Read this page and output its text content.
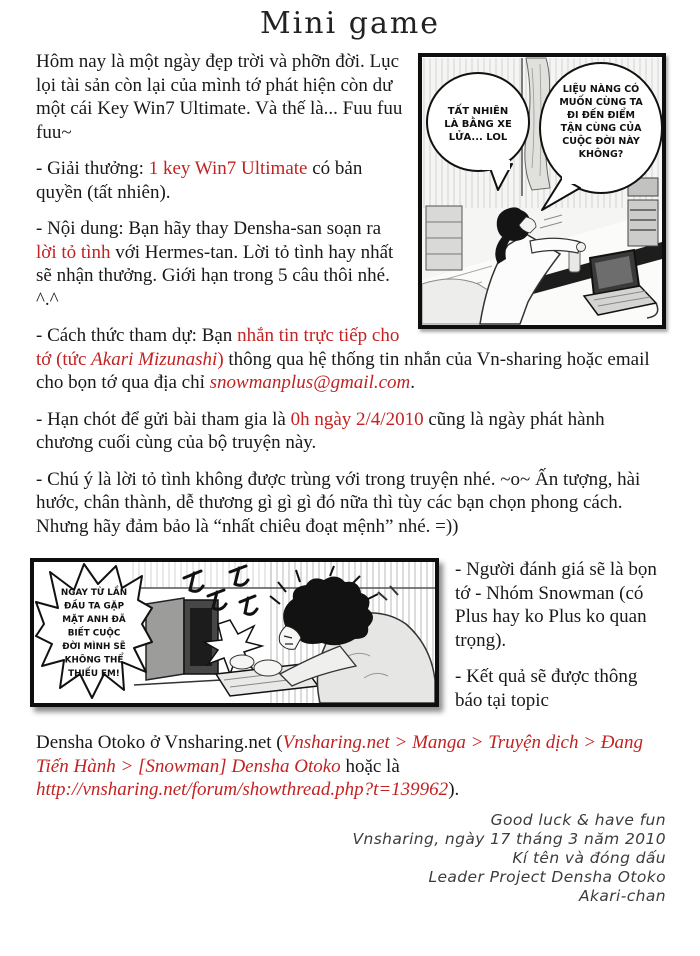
Mini game
TẤT NHIÊN
LÀ BẰNG XE
LỬA... LOL
LIỆU NÀNG CÓ
MUỐN CÙNG TA
ĐI ĐẾN ĐIỂM
TẬN CÙNG CỦA
CUỘC ĐỜI NÀY
KHÔNG?

Hôm nay là một ngày đẹp trời và phỡn đời. Lục lọi tài sản còn lại của mình tớ phát hiện còn dư một cái Key Win7 Ultimate. Và thế là... Fuu fuu fuu~

- Giải thưởng: 1 key Win7 Ultimate có bản quyền (tất nhiên).

- Nội dung: Bạn hãy thay Densha-san soạn ra lời tỏ tình với Hermes-tan. Lời tỏ tình hay nhất sẽ nhận thưởng. Giới hạn trong 5 câu thôi nhé. ^.^

- Cách thức tham dự: Bạn nhắn tin trực tiếp cho tớ (tức Akari Mizunashi) thông qua hệ thống tin nhắn của Vn-sharing hoặc email cho bọn tớ qua địa chỉ snowmanplus@gmail.com.

- Hạn chót để gửi bài tham gia là 0h ngày 2/4/2010 cũng là ngày phát hành chương cuối cùng của bộ truyện này.

- Chú ý là lời tỏ tình không được trùng với trong truyện nhé. ~o~ Ấn tượng, hài hước, chân thành, dễ thương gì gì gì đó nữa thì tùy các bạn chọn phong cách. Nhưng hãy đảm bảo là “nhất chiêu đoạt mệnh” nhé. =))

NGAY TỪ LẦN
ĐẦU TA GẶP
MẶT ANH ĐÃ
BIẾT CUỘC
ĐỜI MÌNH SẼ
KHÔNG THỂ
THIẾU EM!

- Người đánh giá sẽ là bọn tớ - Nhóm Snowman (có Plus hay ko Plus ko quan trọng).

- Kết quả sẽ được thông báo tại topic

Densha Otoko ở Vnsharing.net (Vnsharing.net > Manga > Truyện dịch > Đang Tiến Hành > [Snowman] Densha Otoko hoặc là http://vnsharing.net/forum/showthread.php?t=139962).
Good luck & have fun
Vnsharing, ngày 17 tháng 3 năm 2010
Kí tên và đóng dấu
Leader Project Densha Otoko
Akari-chan
